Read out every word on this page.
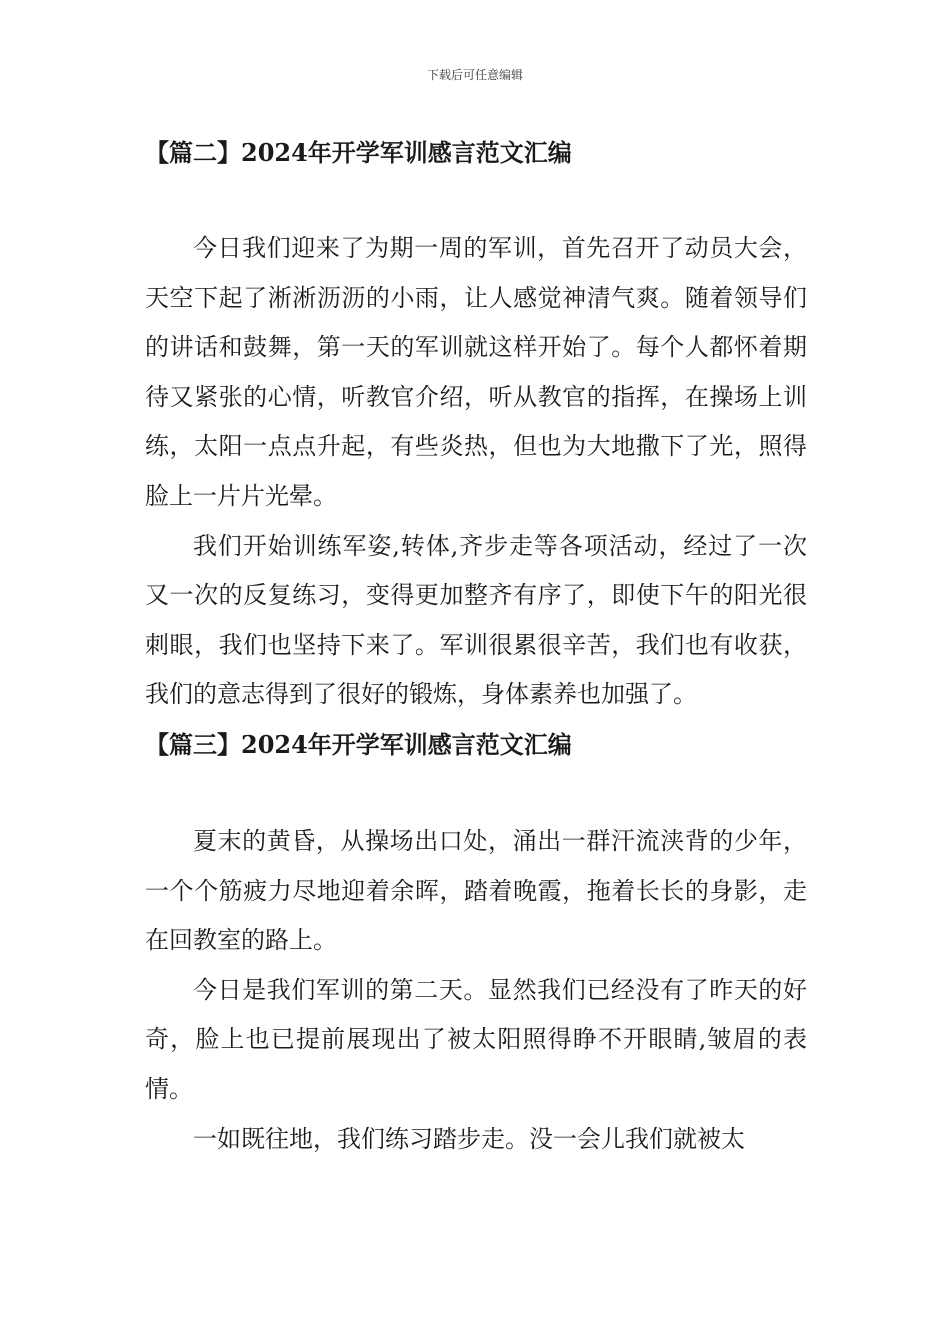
下载后可任意编辑
【篇二】2024年开学军训感言范文汇编

今日我们迎来了为期一周的军训，首先召开了动员大会，天空下起了淅淅沥沥的小雨，让人感觉神清气爽。随着领导们的讲话和鼓舞，第一天的军训就这样开始了。每个人都怀着期待又紧张的心情，听教官介绍，听从教官的指挥，在操场上训练，太阳一点点升起，有些炎热，但也为大地撒下了光，照得脸上一片片光晕。

我们开始训练军姿,转体,齐步走等各项活动，经过了一次又一次的反复练习，变得更加整齐有序了，即使下午的阳光很刺眼，我们也坚持下来了。军训很累很辛苦，我们也有收获，我们的意志得到了很好的锻炼，身体素养也加强了。

【篇三】2024年开学军训感言范文汇编

夏末的黄昏，从操场出口处，涌出一群汗流浃背的少年，一个个筋疲力尽地迎着余晖，踏着晚霞，拖着长长的身影，走在回教室的路上。

今日是我们军训的第二天。显然我们已经没有了昨天的好奇，脸上也已提前展现出了被太阳照得睁不开眼睛,皱眉的表情。

一如既往地，我们练习踏步走。没一会儿我们就被太
